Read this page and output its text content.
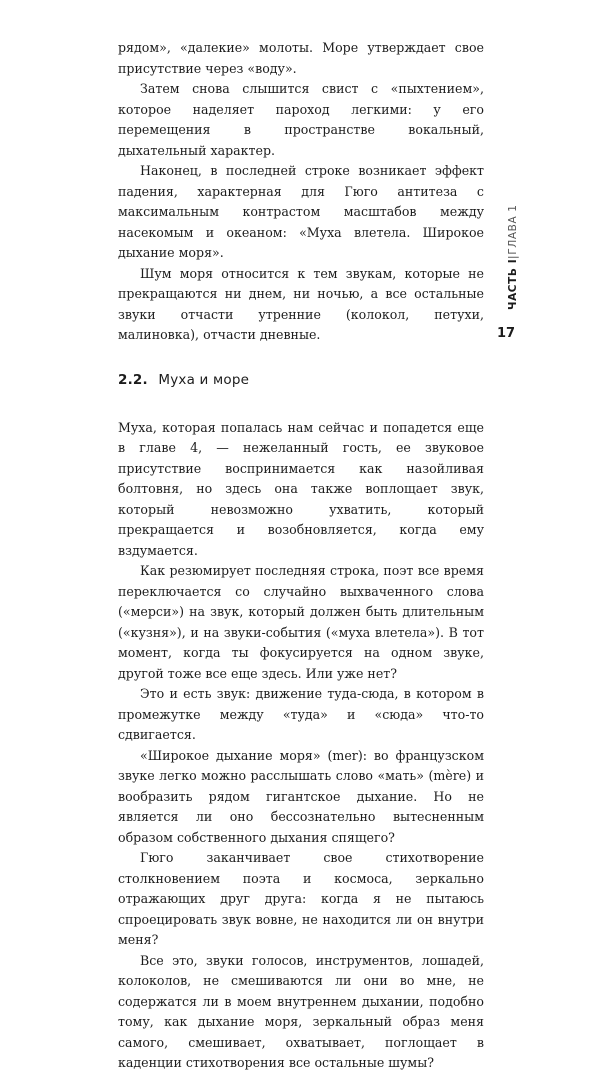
рядом», «далекие» молоты. Море утверждает свое присутствие через «воду».

Затем снова слышится свист с «пыхтением», которое наделяет пароход легкими: у его перемещения в пространстве вокальный, дыхательный характер.

Наконец, в последней строке возникает эффект падения, характерная для Гюго антитеза с максимальным контрастом масштабов между насекомым и океаном: «Муха влетела. Широкое дыхание моря».

Шум моря относится к тем звукам, которые не прекращаются ни днем, ни ночью, а все остальные звуки отчасти утренние (колокол, петухи, малиновка), отчасти дневные.

2.2. Муха и море

Муха, которая попалась нам сейчас и попадется еще в главе 4, — нежеланный гость, ее звуковое присутствие воспринимается как назойливая болтовня, но здесь она также воплощает звук, который невозможно ухватить, который прекращается и возобновляется, когда ему вздумается.

Как резюмирует последняя строка, поэт все время переключается со случайно выхваченного слова («мерси») на звук, который должен быть длительным («кузня»), и на звуки-события («муха влетела»). В тот момент, когда ты фокусируется на одном звуке, другой тоже все еще здесь. Или уже нет?

Это и есть звук: движение туда-сюда, в котором в промежутке между «туда» и «сюда» что-то сдвигается.

«Широкое дыхание моря» (mer): во французском звуке легко можно расслышать слово «мать» (mère) и вообразить рядом гигантское дыхание. Но не является ли оно бессознательно вытесненным образом собственного дыхания спящего?

Гюго заканчивает свое стихотворение столкновением поэта и космоса, зеркально отражающих друг друга: когда я не пытаюсь спроецировать звук вовне, не находится ли он внутри меня?

Все это, звуки голосов, инструментов, лошадей, колоколов, не смешиваются ли они во мне, не содержатся ли в моем внутреннем дыхании, подобно тому, как дыхание моря, зеркальный образ меня самого, смешивает, охватывает, поглощает в каденции стихотворения все остальные шумы?

ЧАСТЬ I|ГЛАВА 1
17
